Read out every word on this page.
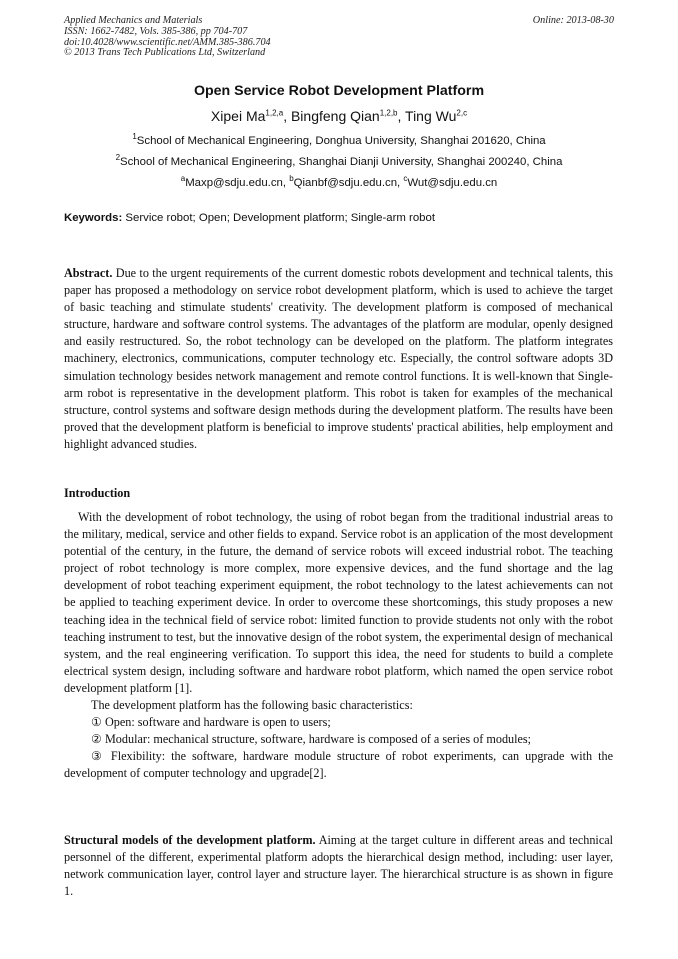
Applied Mechanics and Materials
ISSN: 1662-7482, Vols. 385-386, pp 704-707
doi:10.4028/www.scientific.net/AMM.385-386.704
© 2013 Trans Tech Publications Ltd, Switzerland
Online: 2013-08-30
Open Service Robot Development Platform
Xipei Ma$^{1,2,a}$, Bingfeng Qian$^{1,2,b}$, Ting Wu$^{2,c}$
$^1$School of Mechanical Engineering, Donghua University, Shanghai 201620, China
$^2$School of Mechanical Engineering, Shanghai Dianji University, Shanghai 200240, China
$^a$Maxp@sdju.edu.cn, $^b$Qianbf@sdju.edu.cn, $^c$Wut@sdju.edu.cn
Keywords: Service robot; Open; Development platform; Single-arm robot

Abstract. Due to the urgent requirements of the current domestic robots development and technical talents, this paper has proposed a methodology on service robot development platform, which is used to achieve the target of basic teaching and stimulate students' creativity. The development platform is composed of mechanical structure, hardware and software control systems. The advantages of the platform are modular, openly designed and easily restructured. So, the robot technology can be developed on the platform. The platform integrates machinery, electronics, communications, computer technology etc. Especially, the control software adopts 3D simulation technology besides network management and remote control functions. It is well-known that Single-arm robot is representative in the development platform. This robot is taken for examples of the mechanical structure, control systems and software design methods during the development platform. The results have been proved that the development platform is beneficial to improve students' practical abilities, help employment and highlight advanced studies.

Introduction

With the development of robot technology, the using of robot began from the traditional industrial areas to the military, medical, service and other fields to expand. Service robot is an application of the most development potential of the century, in the future, the demand of service robots will exceed industrial robot. The teaching project of robot technology is more complex, more expensive devices, and the fund shortage and the lag development of robot teaching experiment equipment, the robot technology to the latest achievements can not be applied to teaching experiment device. In order to overcome these shortcomings, this study proposes a new teaching idea in the technical field of service robot: limited function to provide students not only with the robot teaching instrument to test, but the innovative design of the robot system, the experimental design of mechanical system, and the real engineering verification. To support this idea, the need for students to build a complete electrical system design, including software and hardware robot platform, which named the open service robot development platform [1].

The development platform has the following basic characteristics:

① Open: software and hardware is open to users;

② Modular: mechanical structure, software, hardware is composed of a series of modules;

③ Flexibility: the software, hardware module structure of robot experiments, can upgrade with the development of computer technology and upgrade[2].

Structural models of the development platform. Aiming at the target culture in different areas and technical personnel of the different, experimental platform adopts the hierarchical design method, including: user layer, network communication layer, control layer and structure layer. The hierarchical structure is as shown in figure 1.
